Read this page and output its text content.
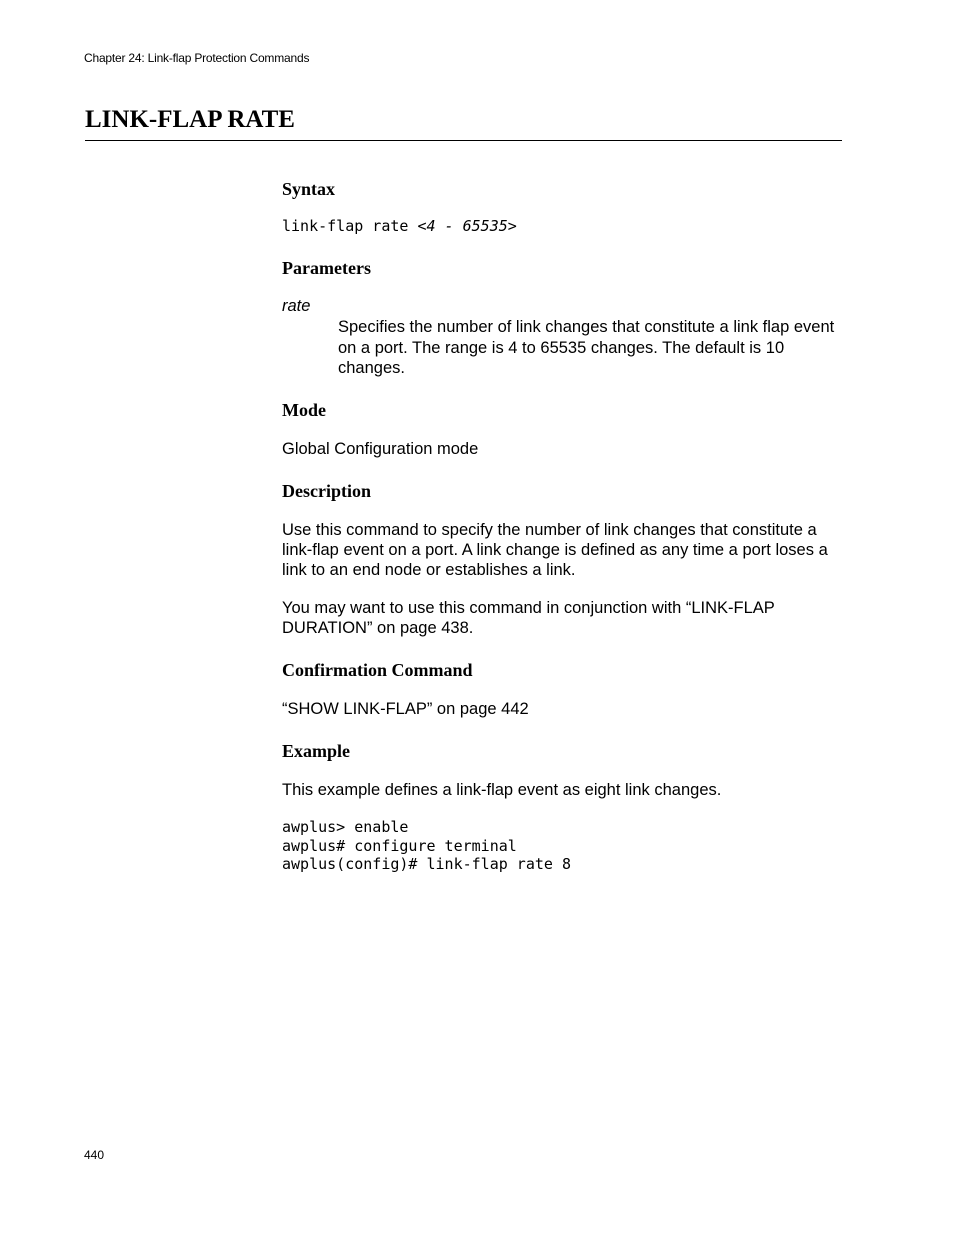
Chapter 24: Link-flap Protection Commands
LINK-FLAP RATE
Syntax
link-flap rate <4 - 65535>
Parameters
rate

Specifies the number of link changes that constitute a link flap event on a port. The range is 4 to 65535 changes. The default is 10 changes.

Mode

Global Configuration mode

Description

Use this command to specify the number of link changes that constitute a link-flap event on a port. A link change is defined as any time a port loses a link to an end node or establishes a link.

You may want to use this command in conjunction with “LINK-FLAP DURATION” on page 438.

Confirmation Command

“SHOW LINK-FLAP” on page 442

Example

This example defines a link-flap event as eight link changes.

awplus> enable
awplus# configure terminal
awplus(config)# link-flap rate 8
440
